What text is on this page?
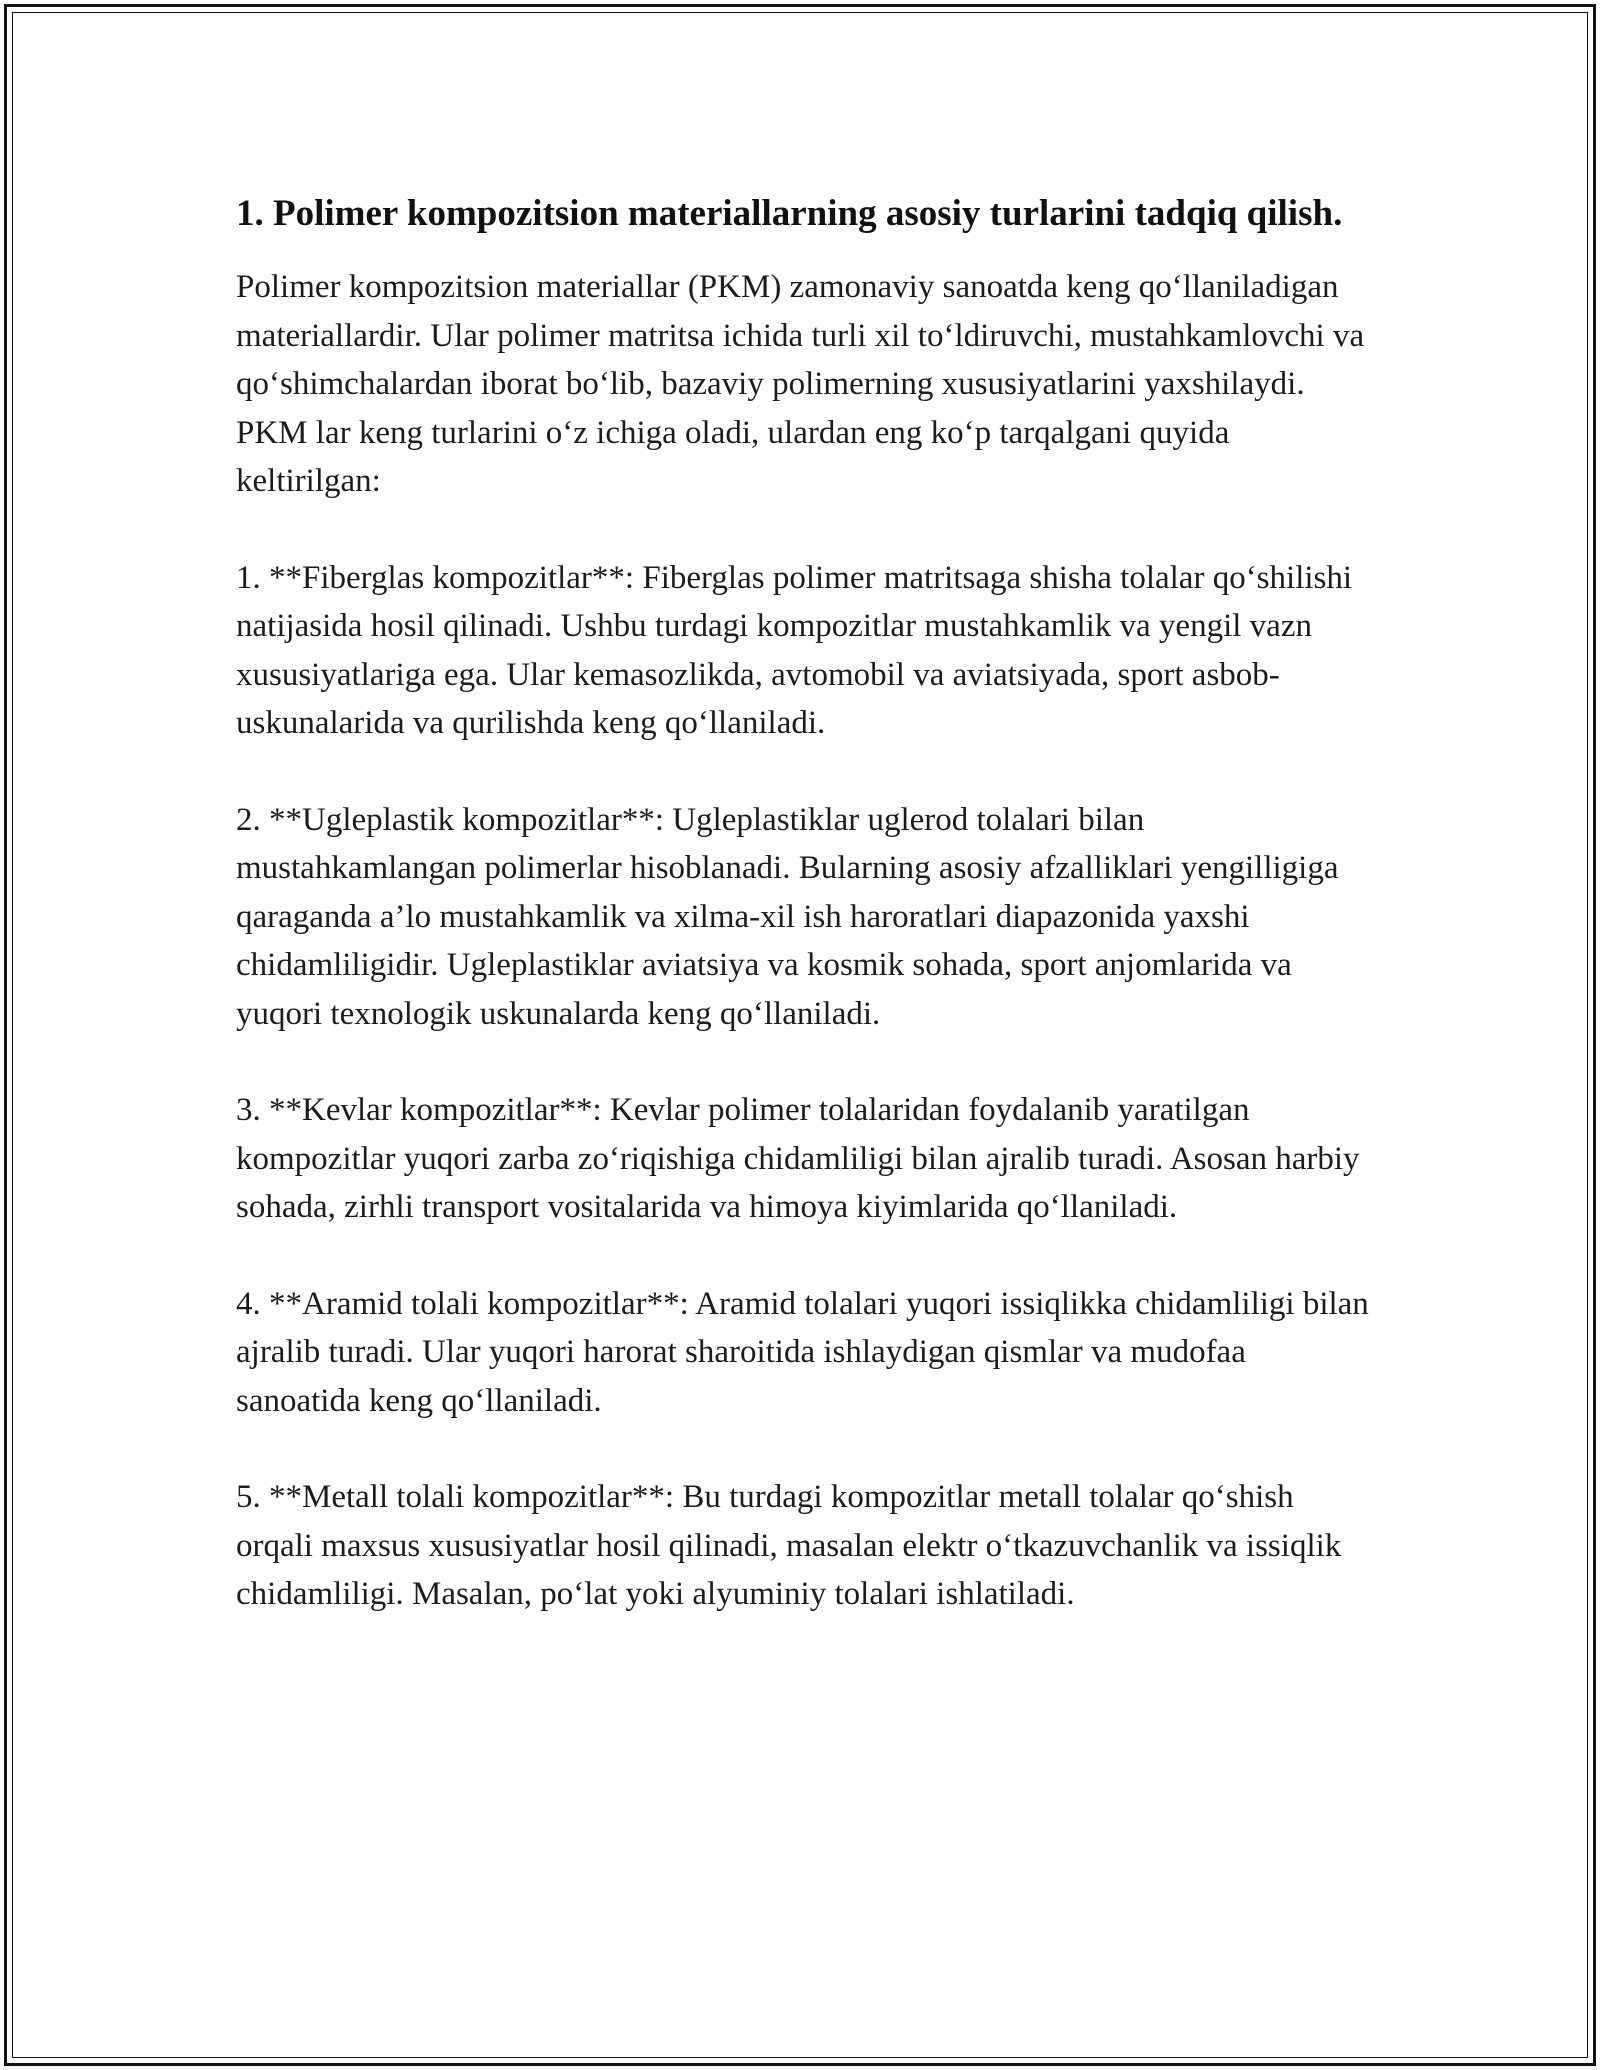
1. Polimer kompozitsion materiallarning asosiy turlarini tadqiq qilish.

Polimer kompozitsion materiallar (PKM) zamonaviy sanoatda keng qo‘llaniladigan materiallardir. Ular polimer matritsa ichida turli xil to‘ldiruvchi, mustahkamlovchi va qo‘shimchalardan iborat bo‘lib, bazaviy polimerning xususiyatlarini yaxshilaydi. PKM lar keng turlarini o‘z ichiga oladi, ulardan eng ko‘p tarqalgani quyida keltirilgan:

1. **Fiberglas kompozitlar**: Fiberglas polimer matritsaga shisha tolalar qo‘shilishi natijasida hosil qilinadi. Ushbu turdagi kompozitlar mustahkamlik va yengil vazn xususiyatlariga ega. Ular kemasozlikda, avtomobil va aviatsiyada, sport asbob-uskunalarida va qurilishda keng qo‘llaniladi.

2. **Ugleplastik kompozitlar**: Ugleplastiklar uglerod tolalari bilan mustahkamlangan polimerlar hisoblanadi. Bularning asosiy afzalliklari yengilligiga qaraganda a’lo mustahkamlik va xilma-xil ish haroratlari diapazonida yaxshi chidamliligidir. Ugleplastiklar aviatsiya va kosmik sohada, sport anjomlarida va yuqori texnologik uskunalarda keng qo‘llaniladi.

3. **Kevlar kompozitlar**: Kevlar polimer tolalaridan foydalanib yaratilgan kompozitlar yuqori zarba zo‘riqishiga chidamliligi bilan ajralib turadi. Asosan harbiy sohada, zirhli transport vositalarida va himoya kiyimlarida qo‘llaniladi.

4. **Aramid tolali kompozitlar**: Aramid tolalari yuqori issiqlikka chidamliligi bilan ajralib turadi. Ular yuqori harorat sharoitida ishlaydigan qismlar va mudofaa sanoatida keng qo‘llaniladi.

5. **Metall tolali kompozitlar**: Bu turdagi kompozitlar metall tolalar qo‘shish orqali maxsus xususiyatlar hosil qilinadi, masalan elektr o‘tkazuvchanlik va issiqlik chidamliligi. Masalan, po‘lat yoki alyuminiy tolalari ishlatiladi.
